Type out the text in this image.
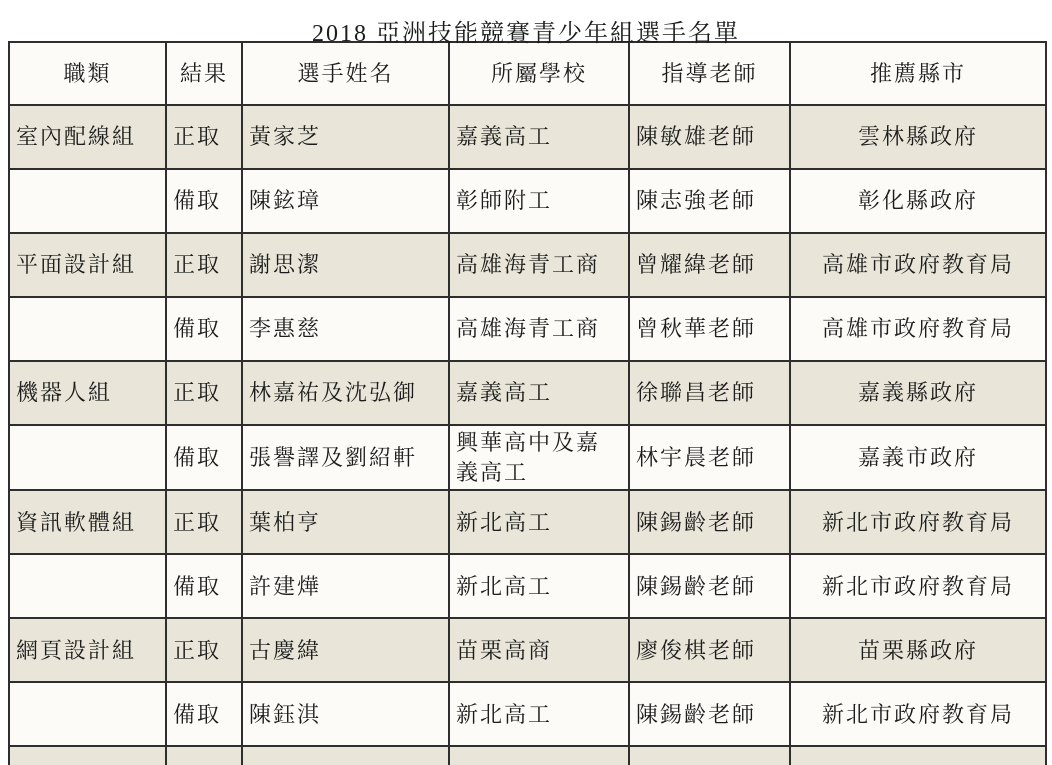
2018 亞洲技能競賽青少年組選手名單
職類	結果	選手姓名	所屬學校	指導老師	推薦縣市
室內配線組	正取	黃家芝	嘉義高工	陳敏雄老師	雲林縣政府
	備取	陳鉉璋	彰師附工	陳志強老師	彰化縣政府
平面設計組	正取	謝思潔	高雄海青工商	曾耀緯老師	高雄市政府教育局
	備取	李惠慈	高雄海青工商	曾秋華老師	高雄市政府教育局
機器人組	正取	林嘉祐及沈弘御	嘉義高工	徐聯昌老師	嘉義縣政府
	備取	張譽譯及劉紹軒	興華高中及嘉義高工	林宇晨老師	嘉義市政府
資訊軟體組	正取	葉柏亨	新北高工	陳錫齡老師	新北市政府教育局
	備取	許建燁	新北高工	陳錫齡老師	新北市政府教育局
網頁設計組	正取	古慶緯	苗栗高商	廖俊棋老師	苗栗縣政府
	備取	陳鈺淇	新北高工	陳錫齡老師	新北市政府教育局
